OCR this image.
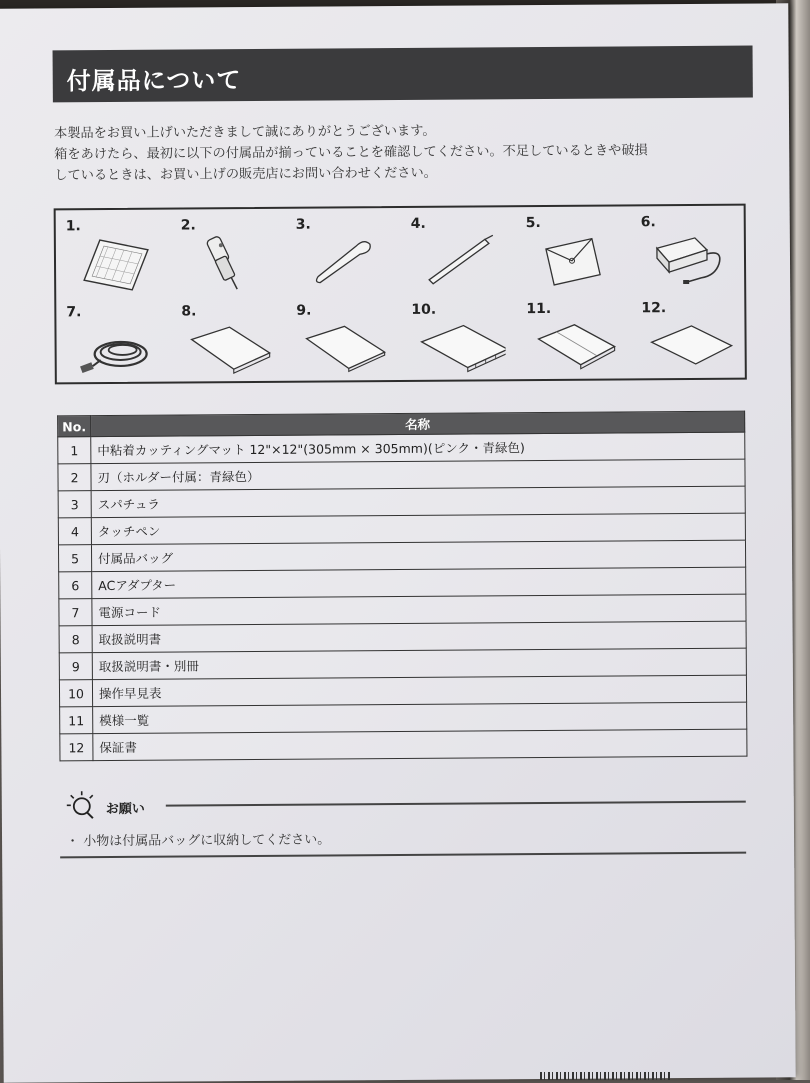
付属品について
本製品をお買い上げいただきまして誠にありがとうございます。
箱をあけたら、最初に以下の付属品が揃っていることを確認してください。不足しているときや破損
しているときは、お買い上げの販売店にお問い合わせください。
1.	2.	3.	4.	5.	6.
7.	8.	9.	10.	11.	12.
No.	名称
1	中粘着カッティングマット 12"×12"(305mm × 305mm)(ピンク・青緑色)
2	刃（ホルダー付属：青緑色）
3	スパチュラ
4	タッチペン
5	付属品バッグ
6	ACアダプター
7	電源コード
8	取扱説明書
9	取扱説明書・別冊
10	操作早見表
11	模様一覧
12	保証書
お願い
・ 小物は付属品バッグに収納してください。
